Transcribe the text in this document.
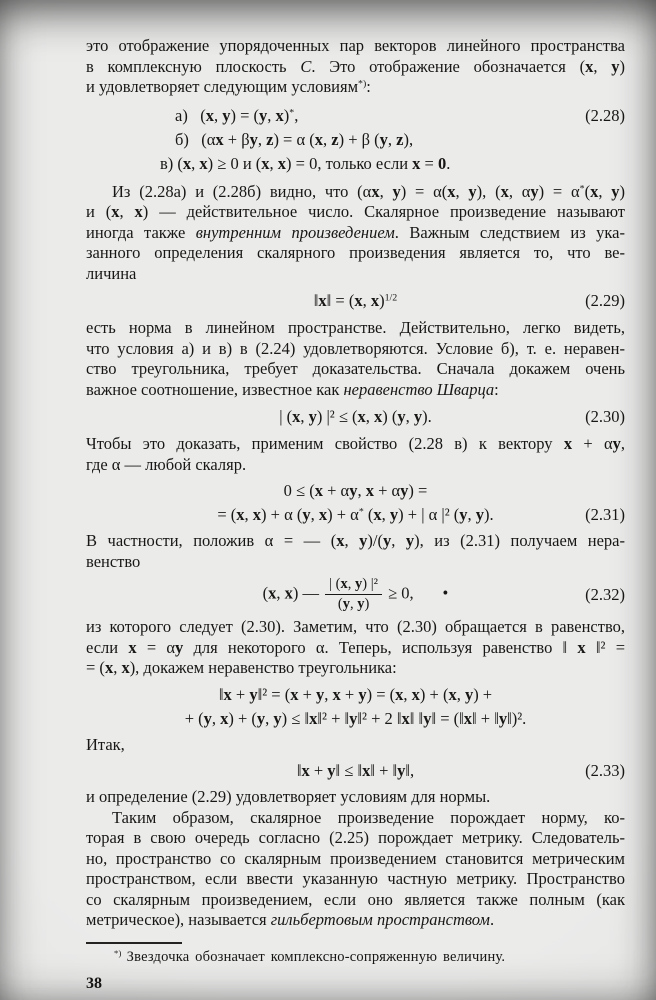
это отображение упорядоченных пар векторов линейного пространства
в комплексную плоскость C. Это отображение обозначается (x, y)
и удовлетворяет следующим условиям*):
а)   (x, y) = (y, x)*,
б)   (αx + βy, z) = α (x, z) + β (y, z),
(2.28)
в) (x, x) ≥ 0 и (x, x) = 0, только если x = 0.
Из (2.28а) и (2.28б) видно, что (αx, y) = α(x, y), (x, αy) = α*(x, y)
и (x, x) — действительное число. Скалярное произведение называют
иногда также внутренним произведением. Важным следствием из ука-
занного определения скалярного произведения является то, что ве-
личина
‖x‖ = (x, x)$^{1/2}$	(2.29)
есть норма в линейном пространстве. Действительно, легко видеть,
что условия а) и в) в (2.24) удовлетворяются. Условие б), т. е. неравен-
ство треугольника, требует доказательства. Сначала докажем очень
важное соотношение, известное как неравенство Шварца:
| (x, y) |² ≤ (x, x) (y, y).	(2.30)
Чтобы это доказать, применим свойство (2.28 в) к вектору x + αy,
где α — любой скаляр.
0 ≤ (x + αy, x + αy) =
= (x, x) + α (y, x) + α* (x, y) + | α |² (y, y).	(2.31)
В частности, положив α = — (x, y)/(y, y), из (2.31) получаем нера-
венство
(x, x) — $\frac{\text{| (x, y) |²}}{(y, y)} \ge 0$,       •	(2.32)
из которого следует (2.30). Заметим, что (2.30) обращается в равенство,
если x = αy для некоторого α. Теперь, используя равенство ‖ x ‖² =
= (x, x), докажем неравенство треугольника:
‖x + y‖² = (x + y, x + y) = (x, x) + (x, y) +
+ (y, x) + (y, y) ≤ ‖x‖² + ‖y‖² + 2 ‖x‖ ‖y‖ = (‖x‖ + ‖y‖)².
Итак,
‖x + y‖ ≤ ‖x‖ + ‖y‖,	(2.33)
и определение (2.29) удовлетворяет условиям для нормы.
Таким образом, скалярное произведение порождает норму, ко-
торая в свою очередь согласно (2.25) порождает метрику. Следователь-
но, пространство со скалярным произведением становится метрическим
пространством, если ввести указанную частную метрику. Пространство
со скалярным произведением, если оно является также полным (как
метрическое), называется гильбертовым пространством.
*) Звездочка обозначает комплексно-сопряженную величину.
38
